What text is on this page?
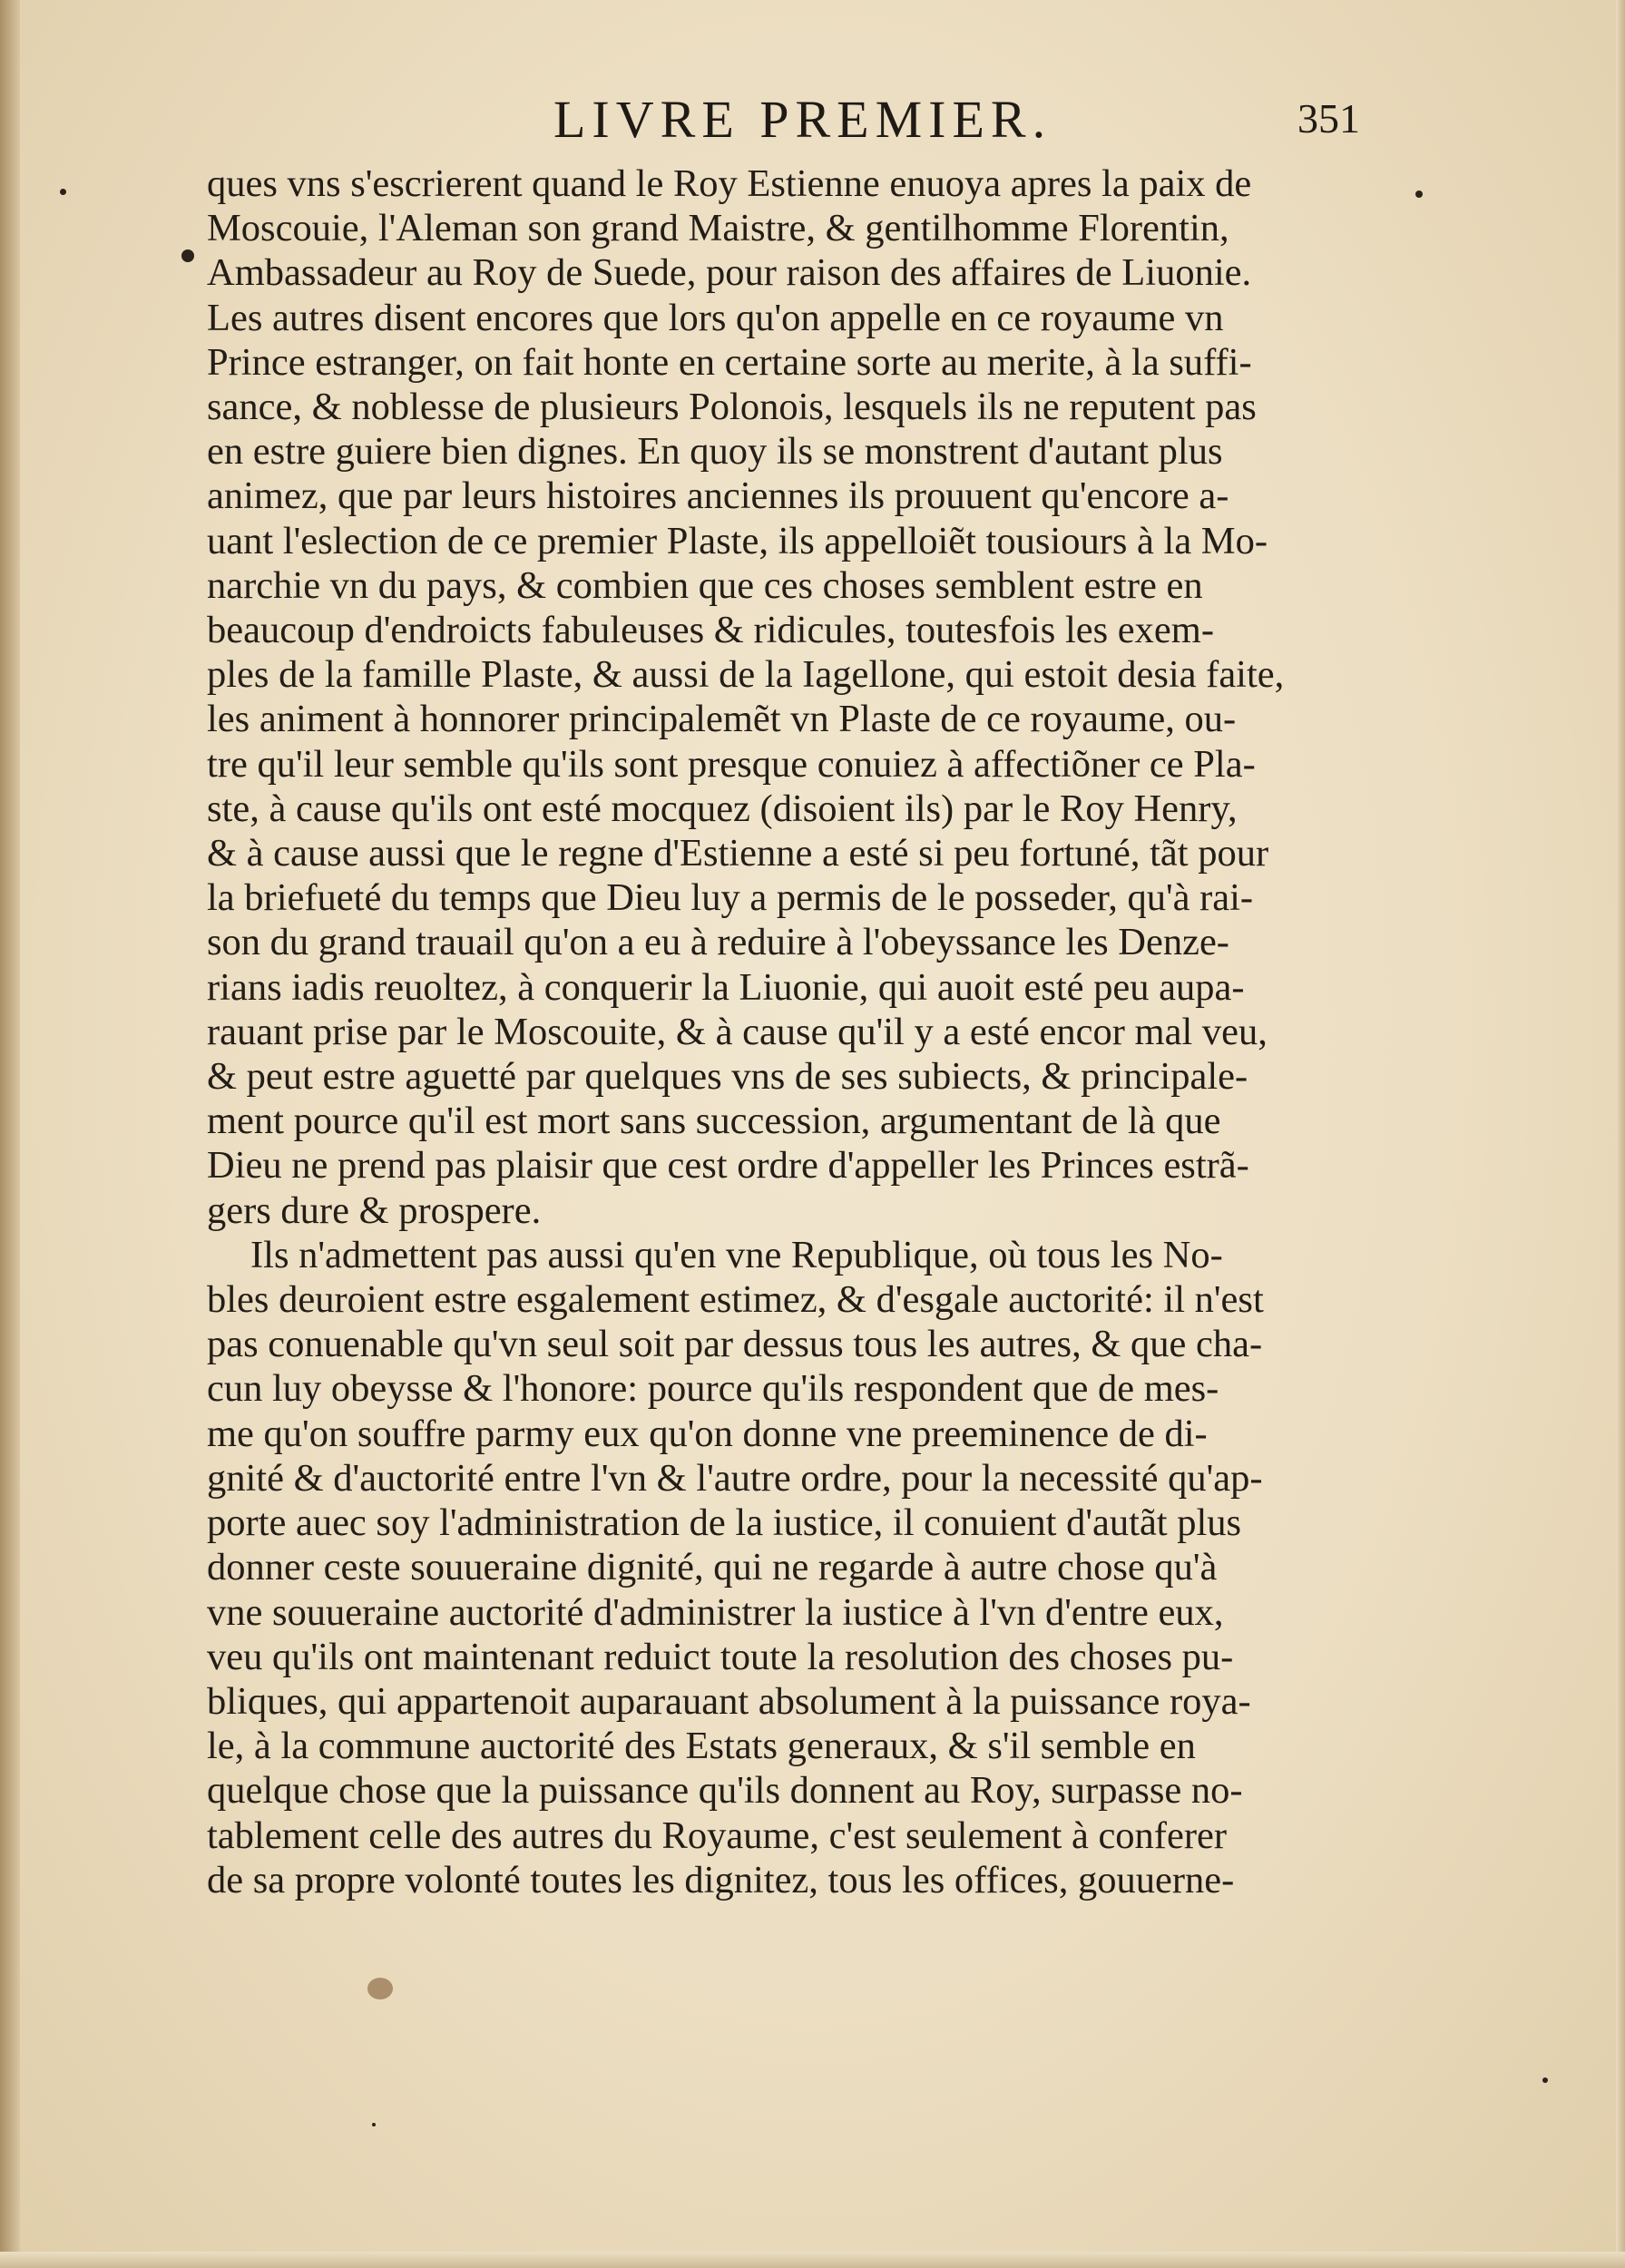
LIVRE PREMIER.	351
ques vns s'escrierent quand le Roy Estienne enuoya apres la paix de
Moscouie, l'Aleman son grand Maistre, & gentilhomme Florentin,
Ambassadeur au Roy de Suede, pour raison des affaires de Liuonie.
Les autres disent encores que lors qu'on appelle en ce royaume vn
Prince estranger, on fait honte en certaine sorte au merite, à la suffi-
sance, & noblesse de plusieurs Polonois, lesquels ils ne reputent pas
en estre guiere bien dignes. En quoy ils se monstrent d'autant plus
animez, que par leurs histoires anciennes ils prouuent qu'encore a-
uant l'eslection de ce premier Plaste, ils appelloiẽt tousiours à la Mo-
narchie vn du pays, & combien que ces choses semblent estre en
beaucoup d'endroicts fabuleuses & ridicules, toutesfois les exem-
ples de la famille Plaste, & aussi de la Iagellone, qui estoit desia faite,
les animent à honnorer principalemẽt vn Plaste de ce royaume, ou-
tre qu'il leur semble qu'ils sont presque conuiez à affectiõner ce Pla-
ste, à cause qu'ils ont esté mocquez (disoient ils) par le Roy Henry,
& à cause aussi que le regne d'Estienne a esté si peu fortuné, tãt pour
la briefueté du temps que Dieu luy a permis de le posseder, qu'à rai-
son du grand trauail qu'on a eu à reduire à l'obeyssance les Denze-
rians iadis reuoltez, à conquerir la Liuonie, qui auoit esté peu aupa-
rauant prise par le Moscouite, & à cause qu'il y a esté encor mal veu,
& peut estre aguetté par quelques vns de ses subiects, & principale-
ment pource qu'il est mort sans succession, argumentant de là que
Dieu ne prend pas plaisir que cest ordre d'appeller les Princes estrã-
gers dure & prospere.
Ils n'admettent pas aussi qu'en vne Republique, où tous les No-
bles deuroient estre esgalement estimez, & d'esgale auctorité: il n'est
pas conuenable qu'vn seul soit par dessus tous les autres, & que cha-
cun luy obeysse & l'honore: pource qu'ils respondent que de mes-
me qu'on souffre parmy eux qu'on donne vne preeminence de di-
gnité & d'auctorité entre l'vn & l'autre ordre, pour la necessité qu'ap-
porte auec soy l'administration de la iustice, il conuient d'autãt plus
donner ceste souueraine dignité, qui ne regarde à autre chose qu'à
vne souueraine auctorité d'administrer la iustice à l'vn d'entre eux,
veu qu'ils ont maintenant reduict toute la resolution des choses pu-
bliques, qui appartenoit auparauant absolument à la puissance roya-
le, à la commune auctorité des Estats generaux, & s'il semble en
quelque chose que la puissance qu'ils donnent au Roy, surpasse no-
tablement celle des autres du Royaume, c'est seulement à conferer
de sa propre volonté toutes les dignitez, tous les offices, gouuerne-
